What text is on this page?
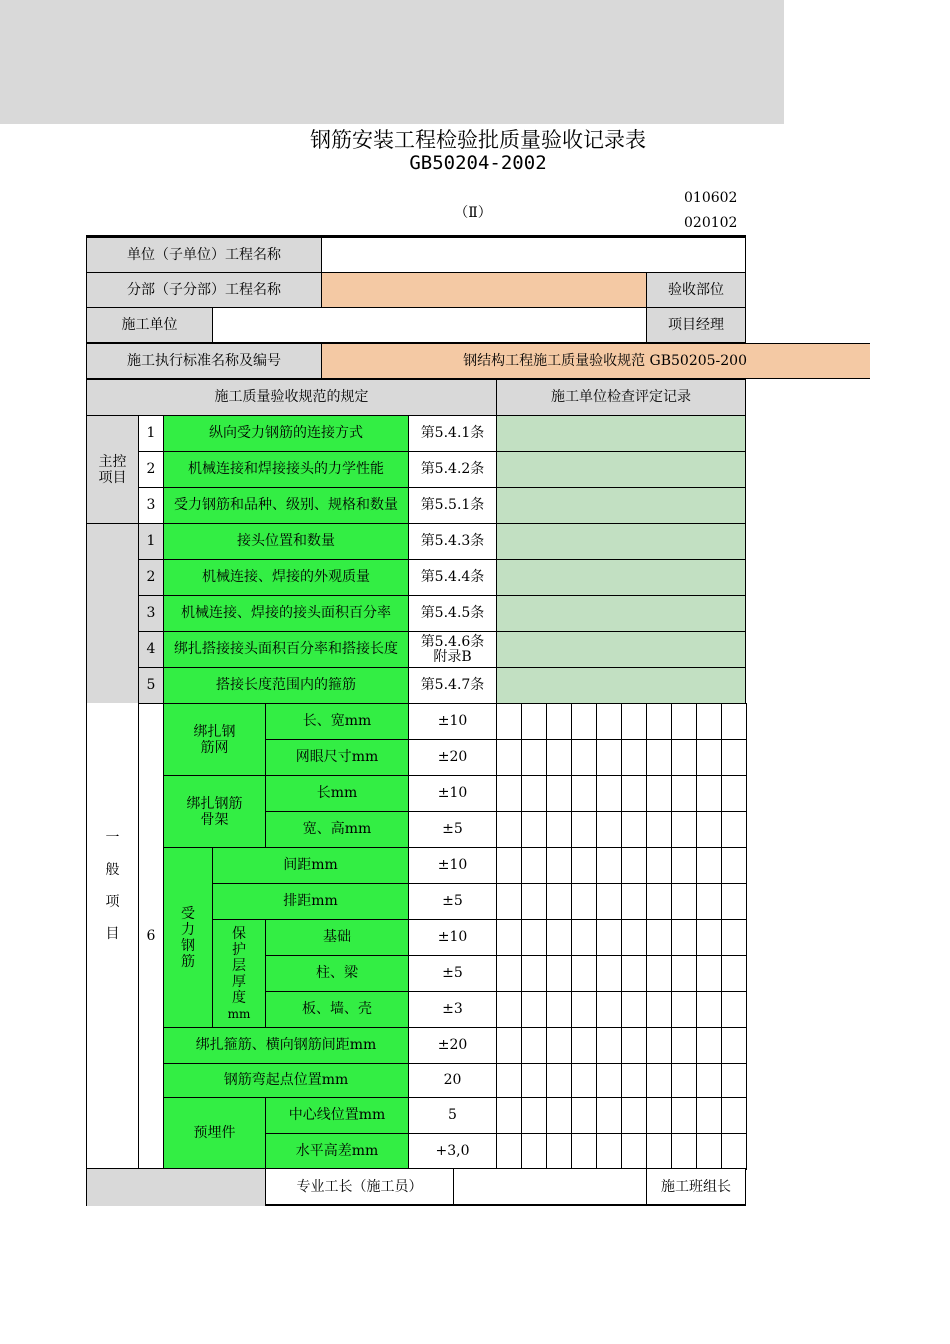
钢筋安装工程检验批质量验收记录表
GB50204-2002
（Ⅱ）
010602
020102
单位（子单位）工程名称
分部（子分部）工程名称	验收部位
施工单位	项目经理
施工执行标准名称及编号	钢结构工程施工质量验收规范 GB50205-200
施工质量验收规范的规定	施工单位检查评定记录
主控
项目
1	纵向受力钢筋的连接方式	第5.4.1条
2	机械连接和焊接接头的力学性能	第5.4.2条
3	受力钢筋和品种、级别、规格和数量	第5.5.1条
1	接头位置和数量	第5.4.3条
2	机械连接、焊接的外观质量	第5.4.4条
3	机械连接、焊接的接头面积百分率	第5.4.5条
4	绑扎搭接接头面积百分率和搭接长度	第5.4.6条附录B
5	搭接长度范围内的箍筋	第5.4.7条
一
般
项
目	6
绑扎钢筋网
长、宽mm	±10
网眼尺寸mm	±20
绑扎钢筋骨架
长mm	±10
宽、高mm	±5
受
力
钢
筋
间距mm	±10
排距mm	±5
保
护
层
厚
度
mm
基础	±10
柱、梁	±5
板、墙、壳	±3
绑扎箍筋、横向钢筋间距mm	±20
钢筋弯起点位置mm	20
预埋件
中心线位置mm	5
水平高差mm	+3,0
专业工长（施工员）	施工班组长
